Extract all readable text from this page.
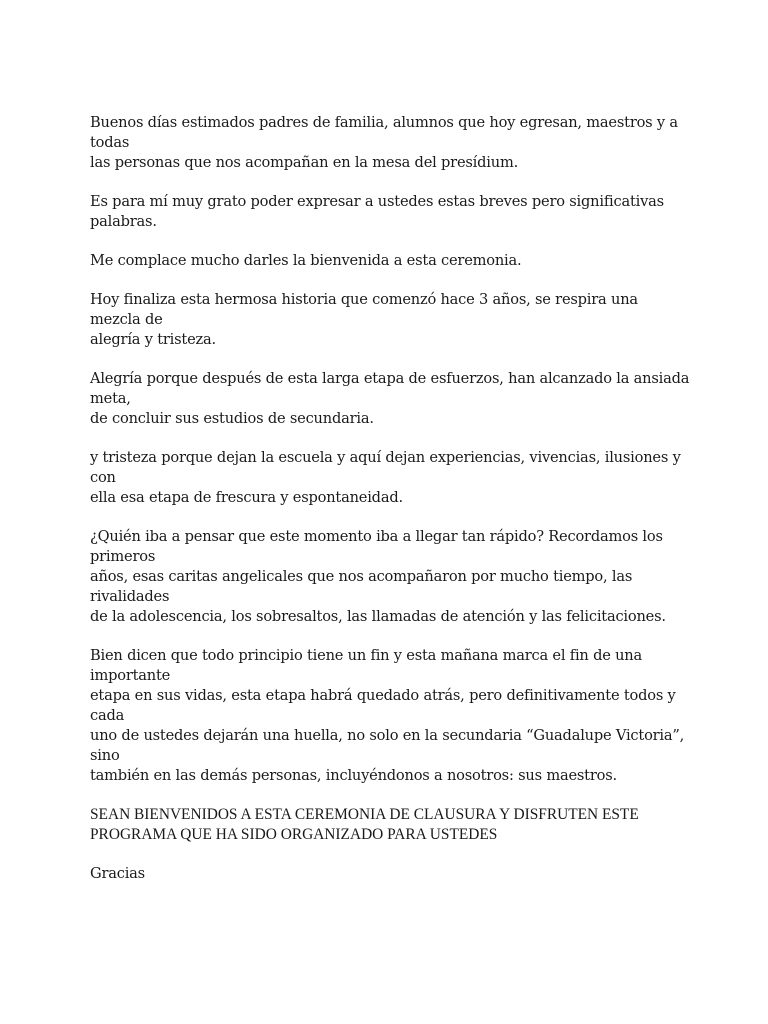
Buenos días estimados padres de familia, alumnos que hoy egresan, maestros y a todas
las personas que nos acompañan en la mesa del presídium.

Es para mí muy grato poder expresar a ustedes estas breves pero significativas palabras.

Me complace mucho darles la bienvenida a esta ceremonia.

Hoy finaliza esta hermosa historia que comenzó hace 3 años, se respira una mezcla de
alegría y tristeza.

Alegría porque después de esta larga etapa de esfuerzos, han alcanzado la ansiada meta,
de concluir sus estudios de secundaria.

y tristeza porque dejan la escuela y aquí dejan experiencias, vivencias, ilusiones y con
ella esa etapa de frescura y espontaneidad.

¿Quién iba a pensar que este momento iba a llegar tan rápido? Recordamos los primeros
años, esas caritas angelicales que nos acompañaron por mucho tiempo, las rivalidades
de la adolescencia, los sobresaltos, las llamadas de atención y las felicitaciones.

Bien dicen que todo principio tiene un fin y esta mañana marca el fin de una importante
etapa en sus vidas, esta etapa habrá quedado atrás, pero definitivamente todos y cada
uno de ustedes dejarán una huella, no solo en la secundaria “Guadalupe Victoria”, sino
también en las demás personas, incluyéndonos a nosotros: sus maestros.

SEAN BIENVENIDOS A ESTA CEREMONIA DE CLAUSURA Y DISFRUTEN ESTE
PROGRAMA QUE HA SIDO ORGANIZADO PARA USTEDES

Gracias
